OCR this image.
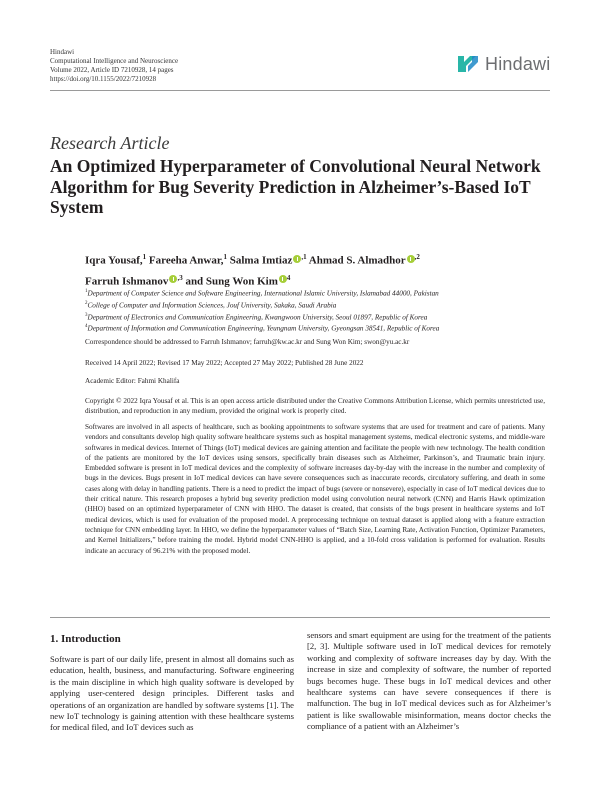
Hindawi
Computational Intelligence and Neuroscience
Volume 2022, Article ID 7210928, 14 pages
https://doi.org/10.1155/2022/7210928
Hindawi
Research Article
An Optimized Hyperparameter of Convolutional Neural Network Algorithm for Bug Severity Prediction in Alzheimer’s-Based IoT System
Iqra Yousaf,$^1$ Fareeha Anwar,$^1$ Salma Imtiaz $^{,1}$ Ahmad S. Almadhor $^{,2}$
Farruh Ishmanov $^{,3}$ and Sung Won Kim $^4$
$^1$Department of Computer Science and Software Engineering, International Islamic University, Islamabad 44000, Pakistan
$^2$College of Computer and Information Sciences, Jouf University, Sakaka, Saudi Arabia
$^3$Department of Electronics and Communication Engineering, Kwangwoon University, Seoul 01897, Republic of Korea
$^4$Department of Information and Communication Engineering, Yeungnam University, Gyeongsan 38541, Republic of Korea
Correspondence should be addressed to Farruh Ishmanov; farruh@kw.ac.kr and Sung Won Kim; swon@yu.ac.kr
Received 14 April 2022; Revised 17 May 2022; Accepted 27 May 2022; Published 28 June 2022
Academic Editor: Fahmi Khalifa
Copyright © 2022 Iqra Yousaf et al. This is an open access article distributed under the Creative Commons Attribution License, which permits unrestricted use, distribution, and reproduction in any medium, provided the original work is properly cited.
Softwares are involved in all aspects of healthcare, such as booking appointments to software systems that are used for treatment and care of patients. Many vendors and consultants develop high quality software healthcare systems such as hospital management systems, medical electronic systems, and middle-ware softwares in medical devices. Internet of Things (IoT) medical devices are gaining attention and facilitate the people with new technology. The health condition of the patients are monitored by the IoT devices using sensors, specifically brain diseases such as Alzheimer, Parkinson’s, and Traumatic brain injury. Embedded software is present in IoT medical devices and the complexity of software increases day-by-day with the increase in the number and complexity of bugs in the devices. Bugs present in IoT medical devices can have severe consequences such as inaccurate records, circulatory suffering, and death in some cases along with delay in handling patients. There is a need to predict the impact of bugs (severe or nonsevere), especially in case of IoT medical devices due to their critical nature. This research proposes a hybrid bug severity prediction model using convolution neural network (CNN) and Harris Hawk optimization (HHO) based on an optimized hyperparameter of CNN with HHO. The dataset is created, that consists of the bugs present in healthcare systems and IoT medical devices, which is used for evaluation of the proposed model. A preprocessing technique on textual dataset is applied along with a feature extraction technique for CNN embedding layer. In HHO, we define the hyperparameter values of “Batch Size, Learning Rate, Activation Function, Optimizer Parameters, and Kernel Initializers,” before training the model. Hybrid model CNN-HHO is applied, and a 10-fold cross validation is performed for evaluation. Results indicate an accuracy of 96.21% with the proposed model.
1. Introduction
Software is part of our daily life, present in almost all domains such as education, health, business, and manufacturing. Software engineering is the main discipline in which high quality software is developed by applying user-centered design principles. Different tasks and operations of an organization are handled by software systems [1]. The new IoT technology is gaining attention with these healthcare systems for medical filed, and IoT devices such as
sensors and smart equipment are using for the treatment of the patients [2, 3]. Multiple software used in IoT medical devices for remotely working and complexity of software increases day by day. With the increase in size and complexity of software, the number of reported bugs becomes huge. These bugs in IoT medical devices and other healthcare systems can have severe consequences if there is malfunction. The bug in IoT medical devices such as for Alzheimer’s patient is like swallowable misinformation, means doctor checks the compliance of a patient with an Alzheimer’s
